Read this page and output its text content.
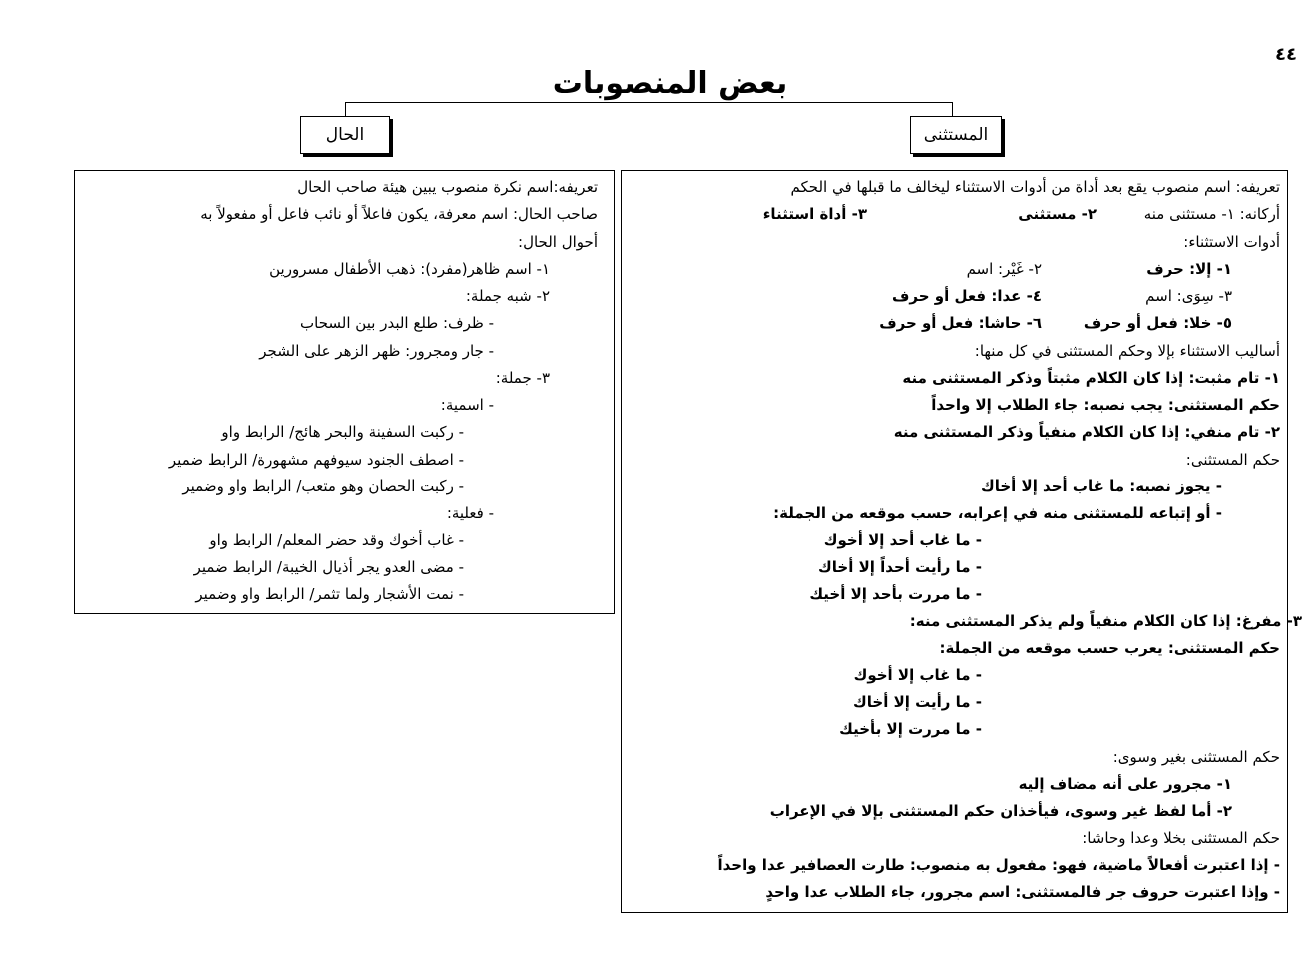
٤٤
بعض المنصوبات
المستثنى
الحال
تعريفه: اسم منصوب يقع بعد أداة من أدوات الاستثناء ليخالف ما قبلها في الحكم
أركانه: ١- مستثنى منه
٢- مستثنى
٣- أداة استثناء
أدوات الاستثناء:
١- إلا: حرف
٢- غَيْر: اسم
٣- سِوَى: اسم
٤- عدا: فعل أو حرف
٥- خلا: فعل أو حرف
٦- حاشا: فعل أو حرف
أساليب الاستثناء بإلا وحكم المستثنى في كل منها:
١- تام مثبت: إذا كان الكلام مثبتاً وذكر المستثنى منه
حكم المستثنى: يجب نصبه: جاء الطلاب إلا واحداً
٢- تام منفي: إذا كان الكلام منفياً وذكر المستثنى منه
حكم المستثنى:
- يجوز نصبه: ما غاب أحد إلا أخاك
- أو إتباعه للمستثنى منه في إعرابه، حسب موقعه من الجملة:
- ما غاب أحد إلا أخوك
- ما رأيت أحداً إلا أخاك
- ما مررت بأحد إلا أخيك
٣- مفرغ: إذا كان الكلام منفياً ولم يذكر المستثنى منه:
حكم المستثنى: يعرب حسب موقعه من الجملة:
- ما غاب إلا أخوك
- ما رأيت إلا أخاك
- ما مررت إلا بأخيك
حكم المستثنى بغير وسوى:
١- مجرور على أنه مضاف إليه
٢- أما لفظ غير وسوى، فيأخذان حكم المستثنى بإلا في الإعراب
حكم المستثنى بخلا وعدا وحاشا:
- إذا اعتبرت أفعالاً ماضية، فهو: مفعول به منصوب: طارت العصافير عدا واحداً
- وإذا اعتبرت حروف جر فالمستثنى: اسم مجرور، جاء الطلاب عدا واحدٍ
تعريفه:اسم نكرة منصوب يبين هيئة صاحب الحال
صاحب الحال: اسم معرفة، يكون فاعلاً أو نائب فاعل أو مفعولاً به
أحوال الحال:
١- اسم ظاهر(مفرد): ذهب الأطفال مسرورين
٢- شبه جملة:
- ظرف: طلع البدر بين السحاب
- جار ومجرور: ظهر الزهر على الشجر
٣- جملة:
- اسمية:
- ركبت السفينة والبحر هائج/ الرابط واو
- اصطف الجنود سيوفهم مشهورة/ الرابط ضمير
- ركبت الحصان وهو متعب/ الرابط واو وضمير
- فعلية:
- غاب أخوك وقد حضر المعلم/ الرابط واو
- مضى العدو يجر أذيال الخيبة/ الرابط ضمير
- نمت الأشجار ولما تثمر/ الرابط واو وضمير
